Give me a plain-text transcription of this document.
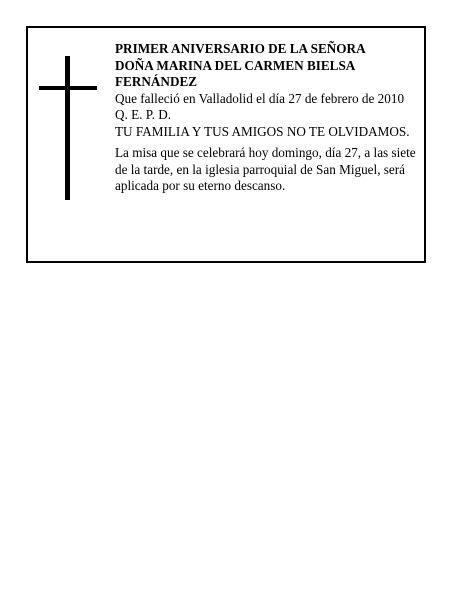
PRIMER ANIVERSARIO DE LA SEÑORA
DOÑA MARINA DEL CARMEN BIELSA FERNÁNDEZ

Que falleció en Valladolid el día 27 de febrero de 2010

Q. E. P. D.

TU FAMILIA Y TUS AMIGOS NO TE OLVIDAMOS.

La misa que se celebrará hoy domingo, día 27, a las siete de la tarde, en la iglesia parroquial de San Miguel, será aplicada por su eterno descanso.
